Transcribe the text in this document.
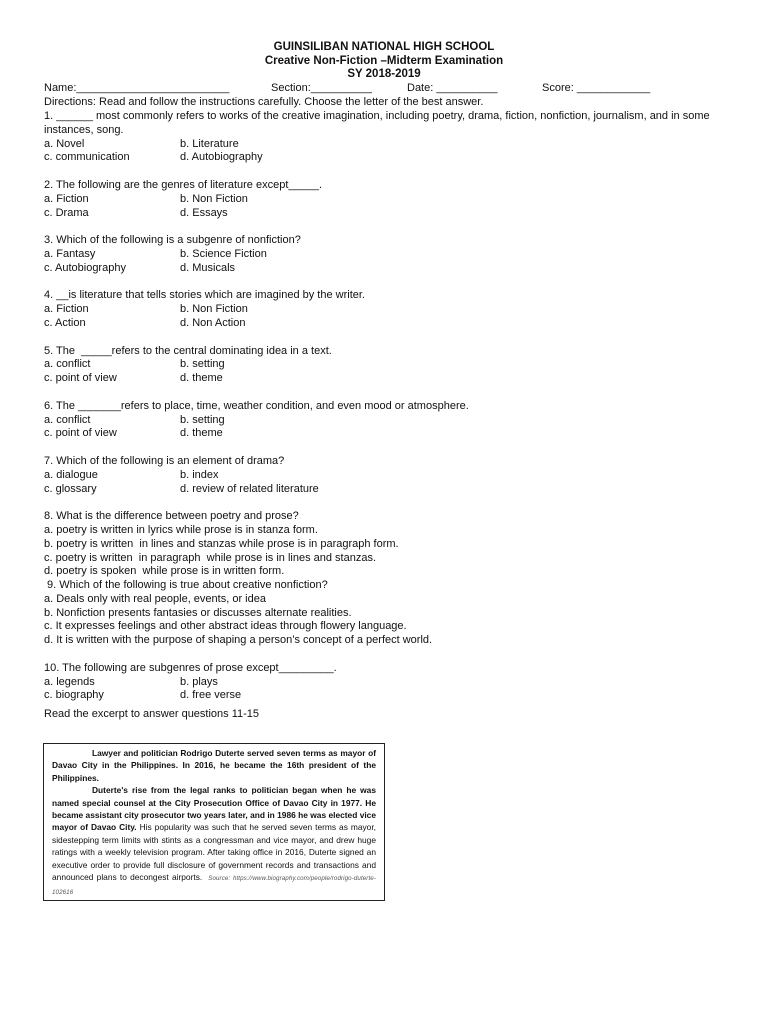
GUINSILIBAN NATIONAL HIGH SCHOOL
Creative Non-Fiction –Midterm Examination
SY 2018-2019
Name:_________________________	Section:__________	Date: __________	Score: ____________
Directions: Read and follow the instructions carefully. Choose the letter of the best answer.
1. ______ most commonly refers to works of the creative imagination, including poetry, drama, fiction, nonfiction, journalism, and in some instances, song.
a. Novel	b. Literature
c. communication	d. Autobiography
2. The following are the genres of literature except_____.
a. Fiction	b. Non Fiction
c. Drama	d. Essays
3. Which of the following is a subgenre of nonfiction?
a. Fantasy	b. Science Fiction
c. Autobiography	d. Musicals
4. __is literature that tells stories which are imagined by the writer.
a. Fiction	b. Non Fiction
c. Action	d. Non Action
5. The  _____refers to the central dominating idea in a text.
a. conflict	b. setting
c. point of view	d. theme
6. The _______refers to place, time, weather condition, and even mood or atmosphere.
a. conflict	b. setting
c. point of view	d. theme
7. Which of the following is an element of drama?
a. dialogue	b. index
c. glossary	d. review of related literature
8. What is the difference between poetry and prose?
a. poetry is written in lyrics while prose is in stanza form.
b. poetry is written  in lines and stanzas while prose is in paragraph form.
c. poetry is written  in paragraph  while prose is in lines and stanzas.
d. poetry is spoken  while prose is in written form.
9. Which of the following is true about creative nonfiction?
a. Deals only with real people, events, or idea
b. Nonfiction presents fantasies or discusses alternate realities.
c. It expresses feelings and other abstract ideas through flowery language.
d. It is written with the purpose of shaping a person’s concept of a perfect world.
10. The following are subgenres of prose except_________.
a. legends	b. plays
c. biography	d. free verse
Read the excerpt to answer questions 11-15

Lawyer and politician Rodrigo Duterte served seven terms as mayor of Davao City in the Philippines. In 2016, he became the 16th president of the Philippines.

Duterte's rise from the legal ranks to politician began when he was named special counsel at the City Prosecution Office of Davao City in 1977. He became assistant city prosecutor two years later, and in 1986 he was elected vice mayor of Davao City. His popularity was such that he served seven terms as mayor, sidestepping term limits with stints as a congressman and vice mayor, and drew huge ratings with a weekly television program. After taking office in 2016, Duterte signed an executive order to provide full disclosure of government records and transactions and announced plans to decongest airports. Source: https://www.biography.com/people/rodrigo-duterte-102616
